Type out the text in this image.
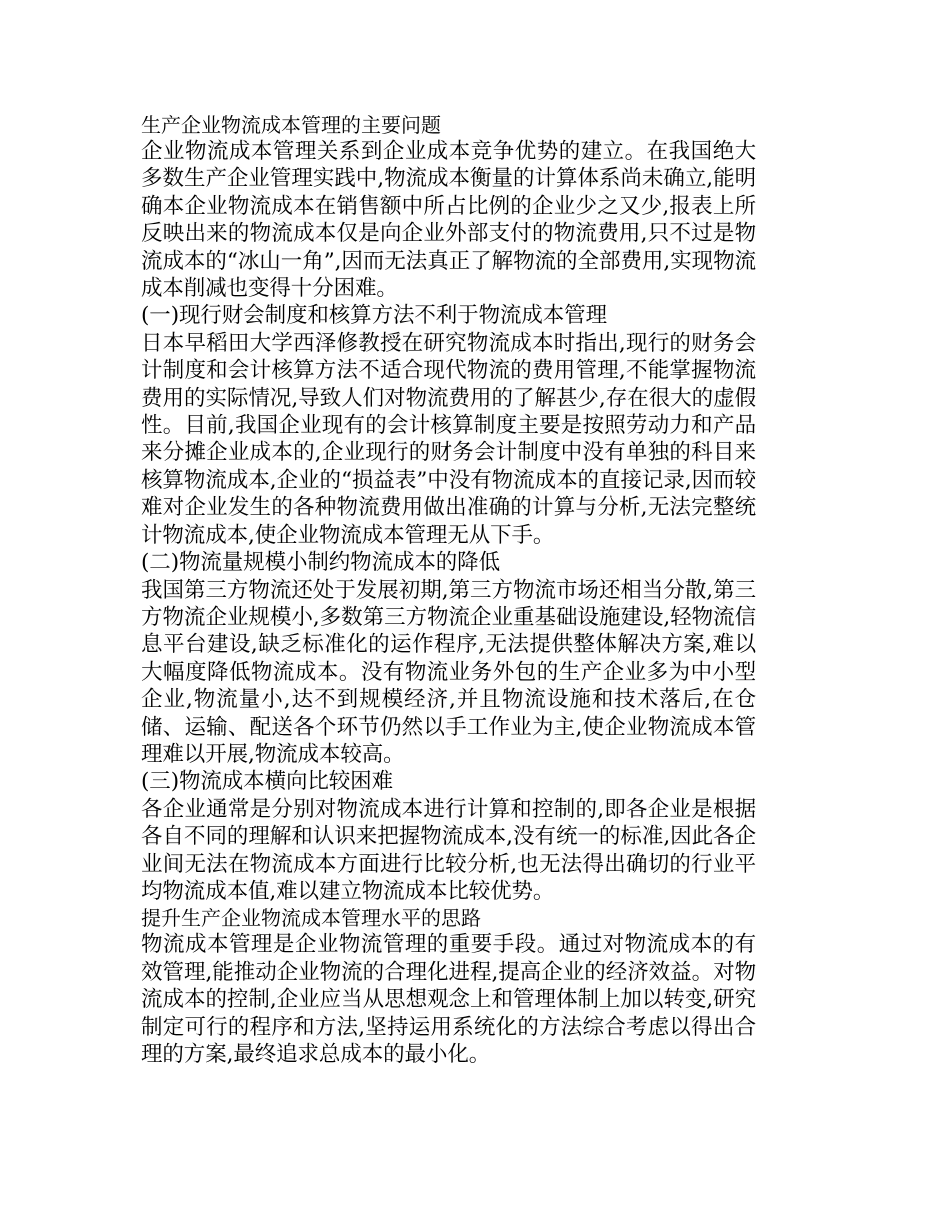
生产企业物流成本管理的主要问题

企业物流成本管理关系到企业成本竞争优势的建立。在我国绝大多数生产企业管理实践中,物流成本衡量的计算体系尚未确立,能明确本企业物流成本在销售额中所占比例的企业少之又少,报表上所反映出来的物流成本仅是向企业外部支付的物流费用,只不过是物流成本的“冰山一角”,因而无法真正了解物流的全部费用,实现物流成本削减也变得十分困难。

(一)现行财会制度和核算方法不利于物流成本管理

日本早稻田大学西泽修教授在研究物流成本时指出,现行的财务会计制度和会计核算方法不适合现代物流的费用管理,不能掌握物流费用的实际情况,导致人们对物流费用的了解甚少,存在很大的虚假性。目前,我国企业现有的会计核算制度主要是按照劳动力和产品来分摊企业成本的,企业现行的财务会计制度中没有单独的科目来核算物流成本,企业的“损益表”中没有物流成本的直接记录,因而较难对企业发生的各种物流费用做出准确的计算与分析,无法完整统计物流成本,使企业物流成本管理无从下手。

(二)物流量规模小制约物流成本的降低

我国第三方物流还处于发展初期,第三方物流市场还相当分散,第三方物流企业规模小,多数第三方物流企业重基础设施建设,轻物流信息平台建设,缺乏标准化的运作程序,无法提供整体解决方案,难以大幅度降低物流成本。没有物流业务外包的生产企业多为中小型企业,物流量小,达不到规模经济,并且物流设施和技术落后,在仓储、运输、配送各个环节仍然以手工作业为主,使企业物流成本管理难以开展,物流成本较高。

(三)物流成本横向比较困难

各企业通常是分别对物流成本进行计算和控制的,即各企业是根据各自不同的理解和认识来把握物流成本,没有统一的标准,因此各企业间无法在物流成本方面进行比较分析,也无法得出确切的行业平均物流成本值,难以建立物流成本比较优势。

提升生产企业物流成本管理水平的思路

物流成本管理是企业物流管理的重要手段。通过对物流成本的有效管理,能推动企业物流的合理化进程,提高企业的经济效益。对物流成本的控制,企业应当从思想观念上和管理体制上加以转变,研究制定可行的程序和方法,坚持运用系统化的方法综合考虑以得出合理的方案,最终追求总成本的最小化。
